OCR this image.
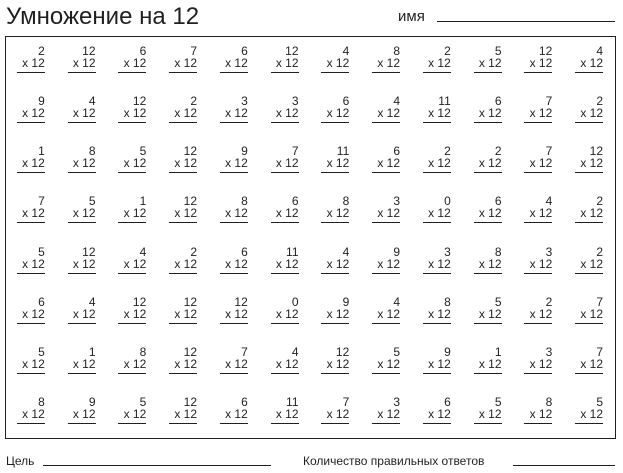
Умножение на 12	имя
2
x 12
12
x 12
6
x 12
7
x 12
6
x 12
12
x 12
4
x 12
8
x 12
2
x 12
5
x 12
12
x 12
4
x 12
9
x 12
4
x 12
12
x 12
2
x 12
3
x 12
3
x 12
6
x 12
4
x 12
11
x 12
6
x 12
7
x 12
2
x 12
1
x 12
8
x 12
5
x 12
12
x 12
9
x 12
7
x 12
11
x 12
6
x 12
2
x 12
2
x 12
7
x 12
12
x 12
7
x 12
5
x 12
1
x 12
12
x 12
8
x 12
6
x 12
8
x 12
3
x 12
0
x 12
6
x 12
4
x 12
2
x 12
5
x 12
12
x 12
4
x 12
2
x 12
6
x 12
11
x 12
4
x 12
9
x 12
3
x 12
8
x 12
3
x 12
2
x 12
6
x 12
4
x 12
12
x 12
12
x 12
12
x 12
0
x 12
9
x 12
4
x 12
8
x 12
5
x 12
2
x 12
7
x 12
5
x 12
1
x 12
8
x 12
12
x 12
7
x 12
4
x 12
12
x 12
5
x 12
9
x 12
1
x 12
3
x 12
7
x 12
8
x 12
9
x 12
5
x 12
12
x 12
6
x 12
11
x 12
7
x 12
3
x 12
6
x 12
5
x 12
8
x 12
5
x 12
Цель	Количество правильных ответов
